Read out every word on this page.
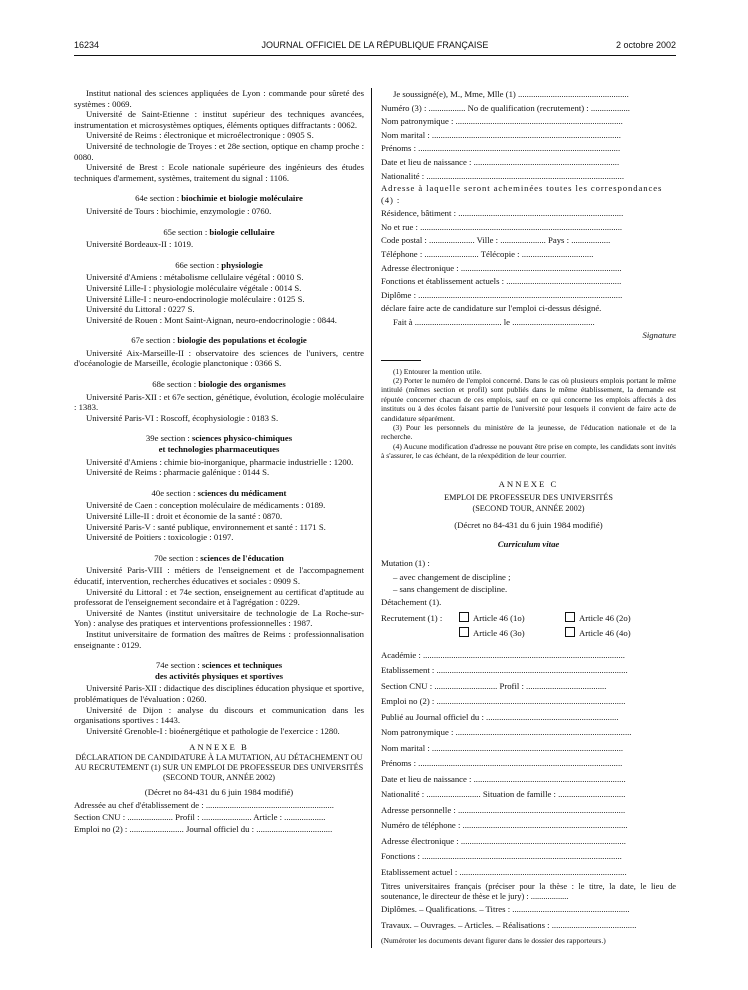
16234	JOURNAL OFFICIEL DE LA RÉPUBLIQUE FRANÇAISE	2 octobre 2002

Institut national des sciences appliquées de Lyon : commande pour sûreté des systèmes : 0069.

Université de Saint-Etienne : institut supérieur des techniques avancées, instrumentation et microsystèmes optiques, éléments optiques diffractants : 0062.

Université de Reims : électronique et microélectronique : 0905 S.

Université de technologie de Troyes : et 28e section, optique en champ proche : 0080.

Université de Brest : Ecole nationale supérieure des ingénieurs des études techniques d'armement, systèmes, traitement du signal : 1106.

64e section : biochimie et biologie moléculaire

Université de Tours : biochimie, enzymologie : 0760.

65e section : biologie cellulaire

Université Bordeaux-II : 1019.

66e section : physiologie

Université d'Amiens : métabolisme cellulaire végétal : 0010 S.

Université Lille-I : physiologie moléculaire végétale : 0014 S.

Université Lille-I : neuro-endocrinologie moléculaire : 0125 S.

Université du Littoral : 0227 S.

Université de Rouen : Mont Saint-Aignan, neuro-endocrinologie : 0844.

67e section : biologie des populations et écologie

Université Aix-Marseille-II : observatoire des sciences de l'univers, centre d'océanologie de Marseille, écologie planctonique : 0366 S.

68e section : biologie des organismes

Université Paris-XII : et 67e section, génétique, évolution, écologie moléculaire : 1383.

Université Paris-VI : Roscoff, écophysiologie : 0183 S.

39e section : sciences physico-chimiques
et technologies pharmaceutiques

Université d'Amiens : chimie bio-inorganique, pharmacie industrielle : 1200.

Université de Reims : pharmacie galénique : 0144 S.

40e section : sciences du médicament

Université de Caen : conception moléculaire de médicaments : 0189.

Université Lille-II : droit et économie de la santé : 0870.

Université Paris-V : santé publique, environnement et santé : 1171 S.

Université de Poitiers : toxicologie : 0197.

70e section : sciences de l'éducation

Université Paris-VIII : métiers de l'enseignement et de l'accompagnement éducatif, intervention, recherches éducatives et sociales : 0909 S.

Université du Littoral : et 74e section, enseignement au certificat d'aptitude au professorat de l'enseignement secondaire et à l'agrégation : 0229.

Université de Nantes (institut universitaire de technologie de La Roche-sur-Yon) : analyse des pratiques et interventions professionnelles : 1987.

Institut universitaire de formation des maîtres de Reims : professionnalisation enseignante : 0129.

74e section : sciences et techniques
des activités physiques et sportives

Université Paris-XII : didactique des disciplines éducation physique et sportive, problématiques de l'évaluation : 0260.

Université de Dijon : analyse du discours et communication dans les organisations sportives : 1443.

Université Grenoble-I : bioénergétique et pathologie de l'exercice : 1280.

ANNEXE B

DÉCLARATION DE CANDIDATURE À LA MUTATION, AU DÉTACHEMENT OU AU RECRUTEMENT (1) SUR UN EMPLOI DE PROFESSEUR DES UNIVERSITÉS (SECOND TOUR, ANNÉE 2002)

(Décret no 84-431 du 6 juin 1984 modifié)

Adressée au chef d'établissement de : ...........................................................
Section CNU : ..................... Profil : ....................... Article : ...................
Emploi no (2) : ......................... Journal officiel du : ...................................
Je soussigné(e), M., Mme, Mlle (1) ...................................................
Numéro (3) : ................. No de qualification (recrutement) : ..................
Nom patronymique : .............................................................................
Nom marital : .......................................................................................
Prénoms : .............................................................................................
Date et lieu de naissance : ...................................................................
Nationalité : ...........................................................................................
Adresse à laquelle seront acheminées toutes les correspondances (4) :
Résidence, bâtiment : ............................................................................
No et rue : .............................................................................................
Code postal : ..................... Ville : ..................... Pays : ..................
Téléphone : ......................... Télécopie : .................................
Adresse électronique : ..........................................................................
Fonctions et établissement actuels : .....................................................
Diplôme : ..............................................................................................
déclare faire acte de candidature sur l'emploi ci-dessus désigné.
Fait à ........................................ le ......................................
Signature

(1) Entourer la mention utile.

(2) Porter le numéro de l'emploi concerné. Dans le cas où plusieurs emplois portant le même intitulé (mêmes section et profil) sont publiés dans le même établissement, la demande est réputée concerner chacun de ces emplois, sauf en ce qui concerne les emplois affectés à des instituts ou à des écoles faisant partie de l'université pour lesquels il convient de faire acte de candidature séparément.

(3) Pour les personnels du ministère de la jeunesse, de l'éducation nationale et de la recherche.

(4) Aucune modification d'adresse ne pouvant être prise en compte, les candidats sont invités à s'assurer, le cas échéant, de la réexpédition de leur courrier.

ANNEXE C

EMPLOI DE PROFESSEUR DES UNIVERSITÉS

(SECOND TOUR, ANNÉE 2002)

(Décret no 84-431 du 6 juin 1984 modifié)

Curriculum vitae

Mutation (1) :
– avec changement de discipline ;
– sans changement de discipline.
Détachement (1).
Recrutement (1) :	Article 46 (1o)	Article 46 (2o)
Article 46 (3o)	Article 46 (4o)
Académie : .............................................................................................
Etablissement : ........................................................................................
Section CNU : ............................. Profil : .....................................
Emploi no (2) : .......................................................................................
Publié au Journal officiel du : .............................................................
Nom patronymique : .................................................................................
Nom marital : ........................................................................................
Prénoms : ..............................................................................................
Date et lieu de naissance : ......................................................................
Nationalité : ......................... Situation de famille : ...............................
Adresse personnelle : .............................................................................
Numéro de téléphone : ............................................................................
Adresse électronique : ............................................................................
Fonctions : ............................................................................................
Etablissement actuel : .............................................................................

Titres universitaires français (préciser pour la thèse : le titre, la date, le lieu de soutenance, le directeur de thèse et le jury) : ..................

Diplômes. – Qualifications. – Titres : ......................................................
Travaux. – Ouvrages. – Articles. – Réalisations : .......................................
(Numéroter les documents devant figurer dans le dossier des rapporteurs.)
